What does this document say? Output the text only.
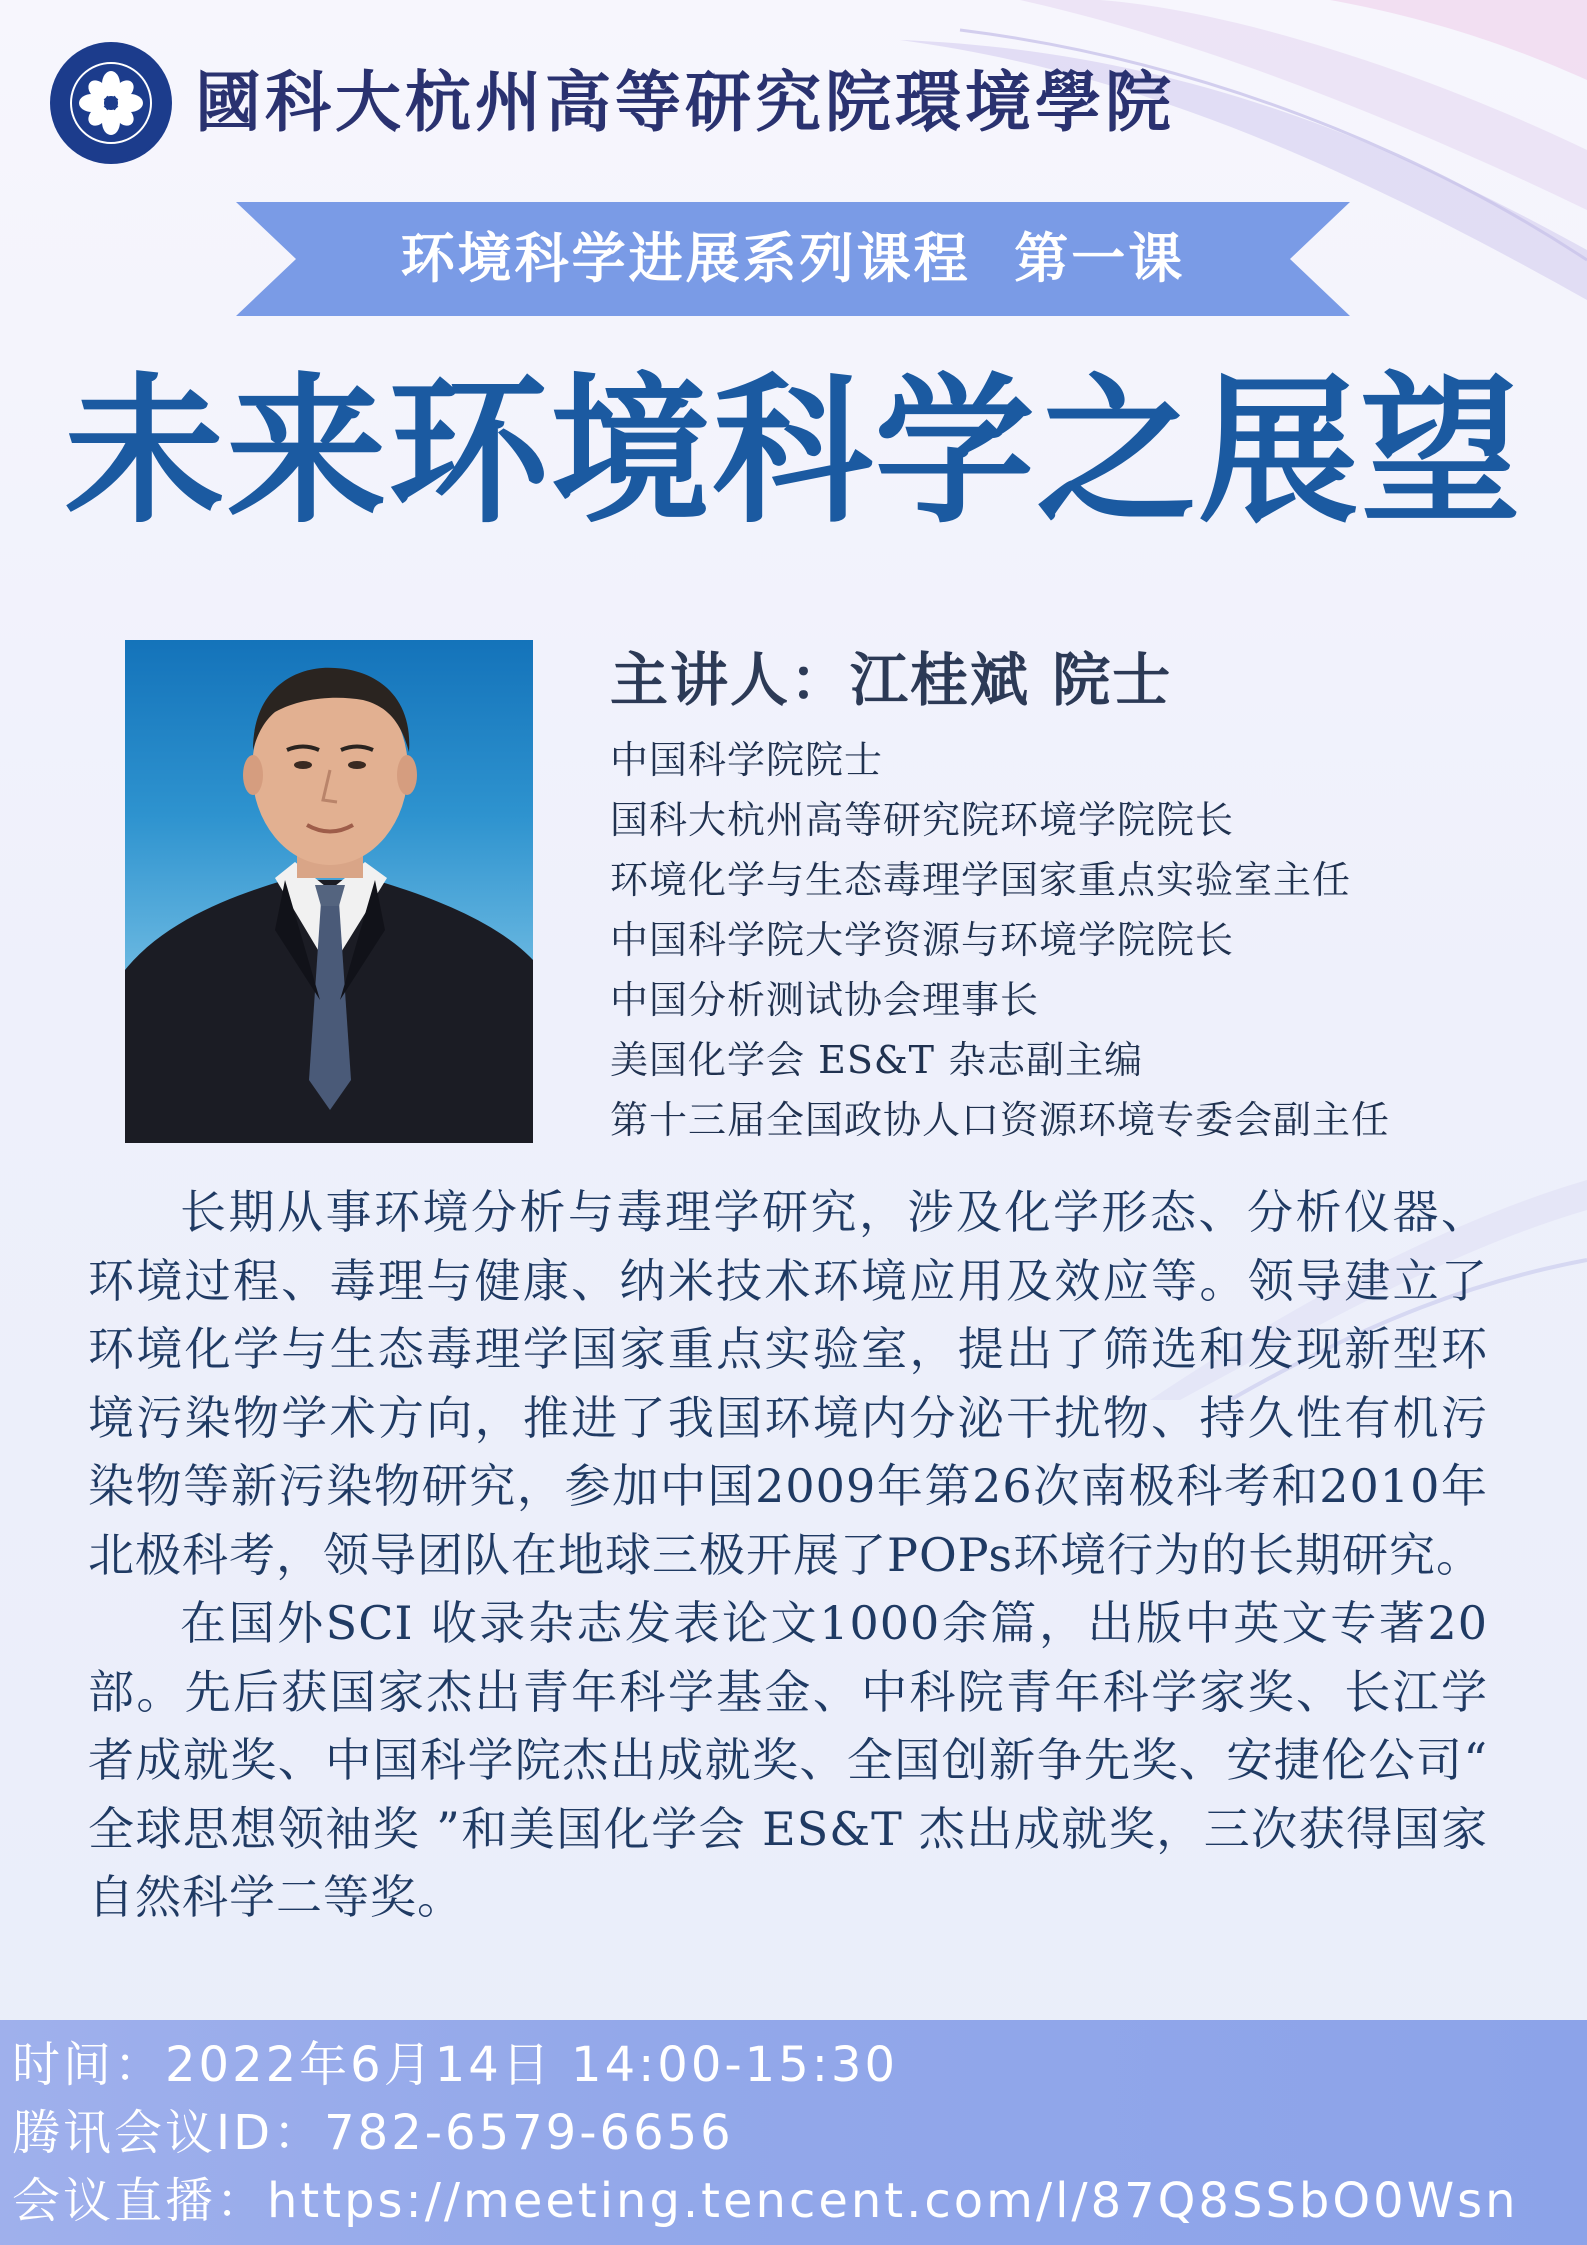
國科大杭州高等研究院環境學院
环境科学进展系列课程  第一课
未来环境科学之展望
主讲人：江桂斌 院士
中国科学院院士
国科大杭州高等研究院环境学院院长
环境化学与生态毒理学国家重点实验室主任
中国科学院大学资源与环境学院院长
中国分析测试协会理事长
美国化学会 ES&T 杂志副主编
第十三届全国政协人口资源环境专委会副主任

长期从事环境分析与毒理学研究，涉及化学形态、分析仪器、环境过程、毒理与健康、纳米技术环境应用及效应等。领导建立了环境化学与生态毒理学国家重点实验室，提出了筛选和发现新型环境污染物学术方向，推进了我国环境内分泌干扰物、持久性有机污染物等新污染物研究，参加中国2009年第26次南极科考和2010年北极科考，领导团队在地球三极开展了POPs环境行为的长期研究。

在国外SCI 收录杂志发表论文1000余篇，出版中英文专著20部。先后获国家杰出青年科学基金、中科院青年科学家奖、长江学者成就奖、中国科学院杰出成就奖、全国创新争先奖、安捷伦公司“ 全球思想领袖奖 ”和美国化学会 ES&T 杰出成就奖，三次获得国家自然科学二等奖。

时间：2022年6月14日 14:00-15:30
腾讯会议ID：782-6579-6656
会议直播：https://meeting.tencent.com/l/87Q8SSbO0Wsn
